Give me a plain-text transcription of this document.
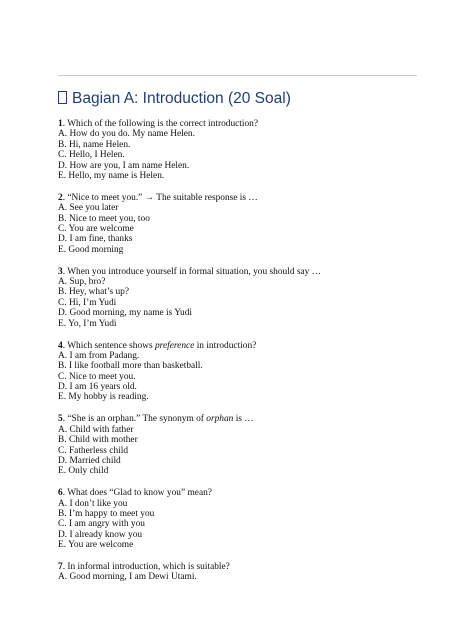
Bagian A: Introduction (20 Soal)
1. Which of the following is the correct introduction?
A. How do you do. My name Helen.
B. Hi, name Helen.
C. Hello, I Helen.
D. How are you, I am name Helen.
E. Hello, my name is Helen.
2. “Nice to meet you.” → The suitable response is …
A. See you later
B. Nice to meet you, too
C. You are welcome
D. I am fine, thanks
E. Good morning
3. When you introduce yourself in formal situation, you should say …
A. Sup, bro?
B. Hey, what’s up?
C. Hi, I’m Yudi
D. Good morning, my name is Yudi
E. Yo, I’m Yudi
4. Which sentence shows preference in introduction?
A. I am from Padang.
B. I like football more than basketball.
C. Nice to meet you.
D. I am 16 years old.
E. My hobby is reading.
5. “She is an orphan.” The synonym of orphan is …
A. Child with father
B. Child with mother
C. Fatherless child
D. Married child
E. Only child
6. What does “Glad to know you” mean?
A. I don’t like you
B. I’m happy to meet you
C. I am angry with you
D. I already know you
E. You are welcome
7. In informal introduction, which is suitable?
A. Good morning, I am Dewi Utami.
